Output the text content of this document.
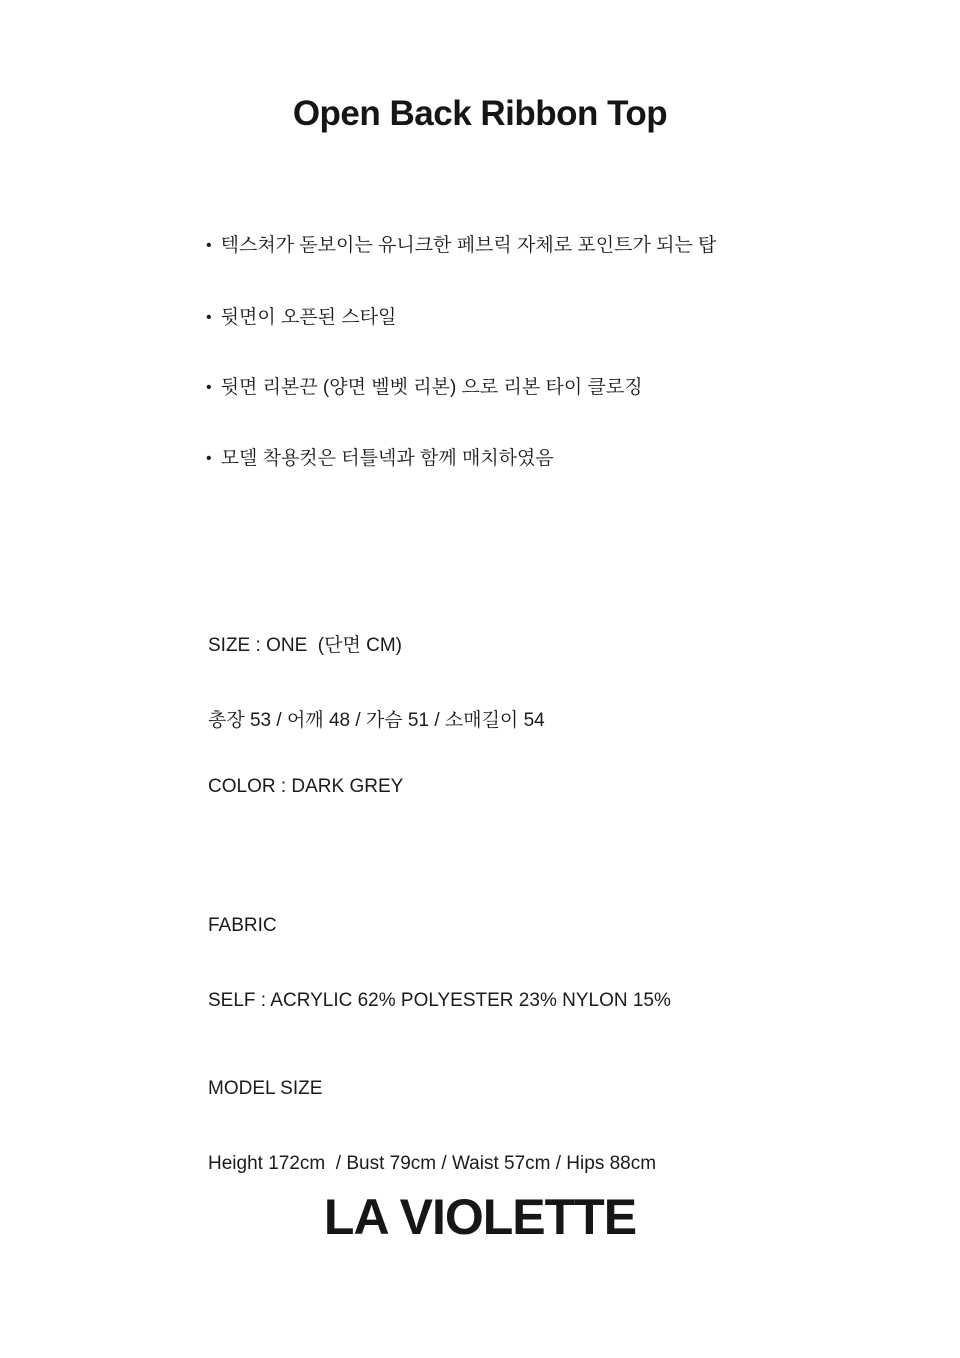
Open Back Ribbon Top
• 텍스쳐가 돋보이는 유니크한 페브릭 자체로 포인트가 되는 탑
• 뒷면이 오픈된 스타일
• 뒷면 리본끈 (양면 벨벳 리본) 으로 리본 타이 클로징
• 모델 착용컷은 터틀넥과 함께 매치하였음

SIZE : ONE  (단면 CM)

총장 53 / 어깨 48 / 가슴 51 / 소매길이 54

COLOR : DARK GREY

FABRIC

SELF : ACRYLIC 62% POLYESTER 23% NYLON 15%

MODEL SIZE

Height 172cm  / Bust 79cm / Waist 57cm / Hips 88cm

LA VIOLETTE
